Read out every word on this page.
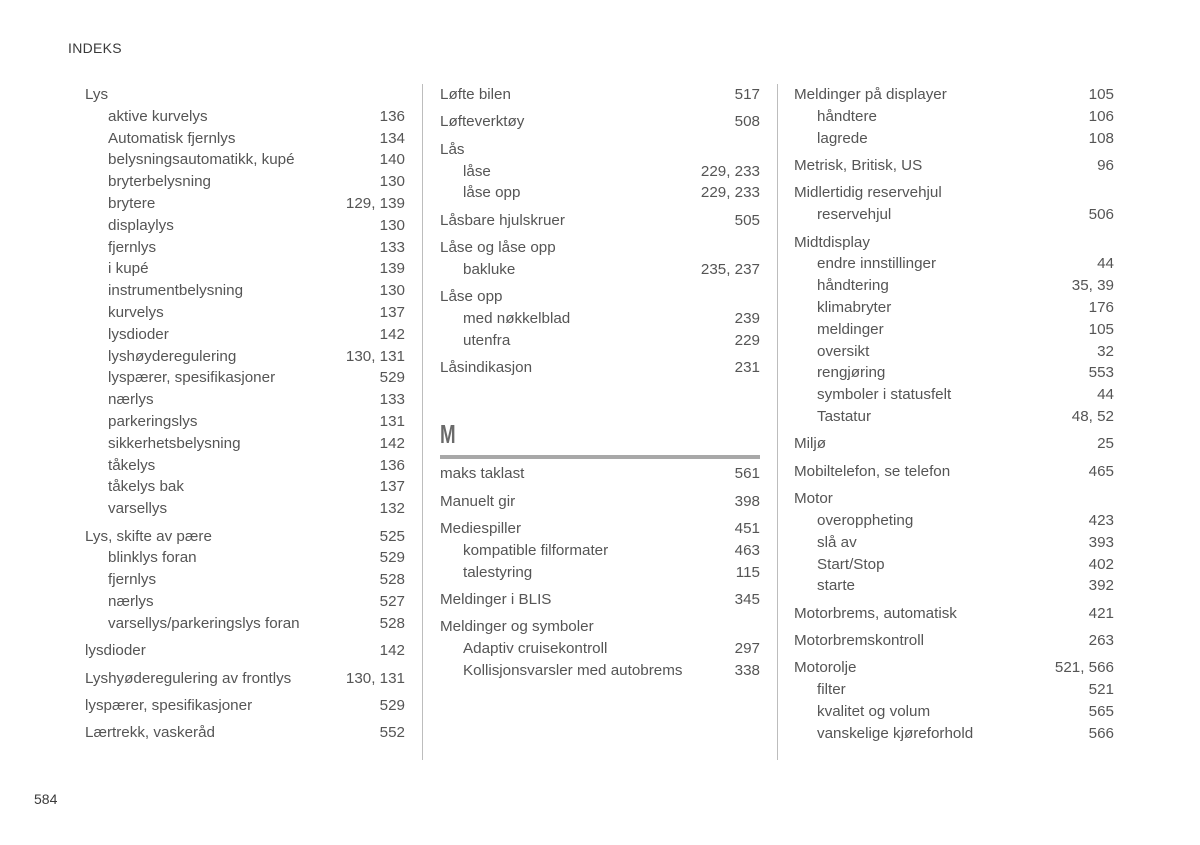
INDEKS
Lys
aktive kurvelys	136
Automatisk fjernlys	134
belysningsautomatikk, kupé	140
bryterbelysning	130
brytere	129, 139
displaylys	130
fjernlys	133
i kupé	139
instrumentbelysning	130
kurvelys	137
lysdioder	142
lyshøyderegulering	130, 131
lyspærer, spesifikasjoner	529
nærlys	133
parkeringslys	131
sikkerhetsbelysning	142
tåkelys	136
tåkelys bak	137
varsellys	132
Lys, skifte av pære	525
blinklys foran	529
fjernlys	528
nærlys	527
varsellys/parkeringslys foran	528
lysdioder	142
Lyshyøderegulering av frontlys	130, 131
lyspærer, spesifikasjoner	529
Lærtrekk, vaskeråd	552
Løfte bilen	517
Løfteverktøy	508
Lås
låse	229, 233
låse opp	229, 233
Låsbare hjulskruer	505
Låse og låse opp
bakluke	235, 237
Låse opp
med nøkkelblad	239
utenfra	229
Låsindikasjon	231
M
maks taklast	561
Manuelt gir	398
Mediespiller	451
kompatible filformater	463
talestyring	115
Meldinger i BLIS	345
Meldinger og symboler
Adaptiv cruisekontroll	297
Kollisjonsvarsler med autobrems	338
Meldinger på displayer	105
håndtere	106
lagrede	108
Metrisk, Britisk, US	96
Midlertidig reservehjul
reservehjul	506
Midtdisplay
endre innstillinger	44
håndtering	35, 39
klimabryter	176
meldinger	105
oversikt	32
rengjøring	553
symboler i statusfelt	44
Tastatur	48, 52
Miljø	25
Mobiltelefon, se telefon	465
Motor
overoppheting	423
slå av	393
Start/Stop	402
starte	392
Motorbrems, automatisk	421
Motorbremskontroll	263
Motorolje	521, 566
filter	521
kvalitet og volum	565
vanskelige kjøreforhold	566
584
